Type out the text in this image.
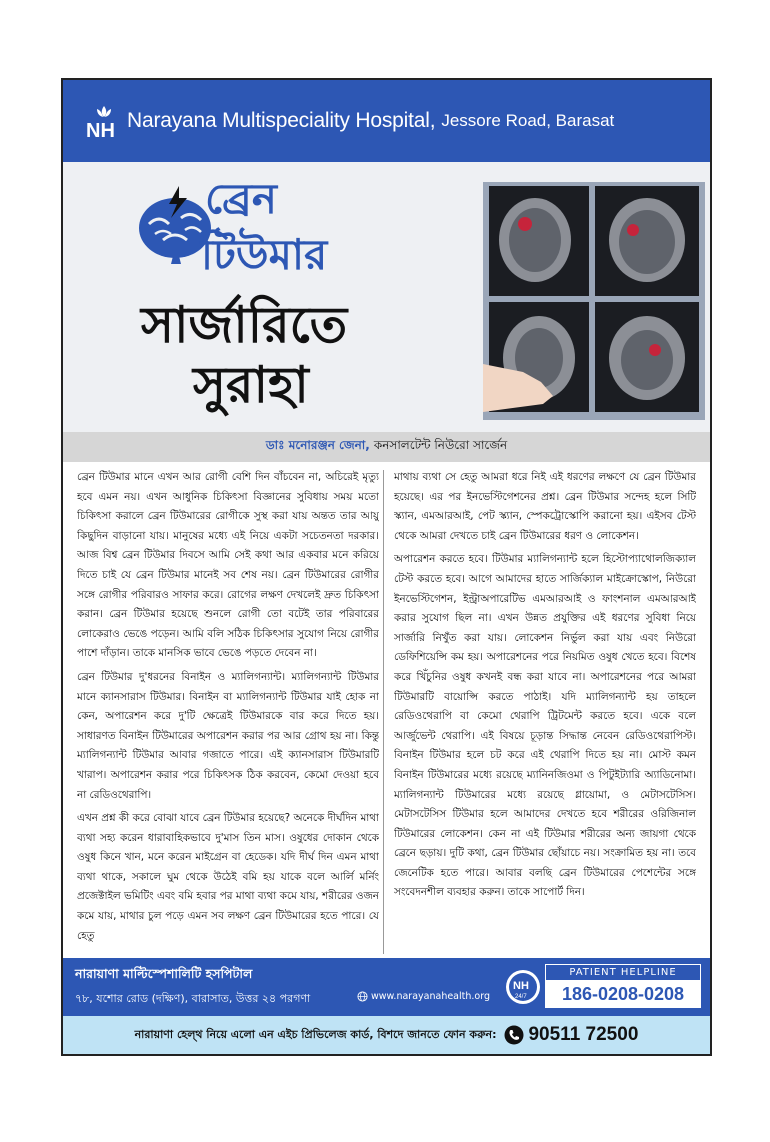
NH Narayana Multispeciality Hospital, Jessore Road, Barasat
ব্রেন
টিউমার
সার্জারিতে
সুরাহা
ডাঃ মনোরঞ্জন জেনা, কনসালটেন্ট নিউরো সার্জেন

ব্রেন টিউমার মানে এখন আর রোগী বেশি দিন বাঁচবেন না, অচিরেই মৃত্যু হবে এমন নয়। এখন আধুনিক চিকিৎসা বিজ্ঞানের সুবিধায় সময় মতো চিকিৎসা করালে ব্রেন টিউমারের রোগীকে সুস্থ করা যায় অন্তত তার আয়ু কিছুদিন বাড়ানো যায়। মানুষের মধ্যে এই নিয়ে একটা সচেতনতা দরকার। আজ বিশ্ব ব্রেন টিউমার দিবসে আমি সেই কথা আর একবার মনে করিয়ে দিতে চাই যে ব্রেন টিউমার মানেই সব শেষ নয়। ব্রেন টিউমারের রোগীর সঙ্গে রোগীর পরিবারও সাফার করে। রোগের লক্ষণ দেখলেই দ্রুত চিকিৎসা করান। ব্রেন টিউমার হয়েছে শুনলে রোগী তো বটেই তার পরিবারের লোকেরাও ভেঙে পড়েন। আমি বলি সঠিক চিকিৎসার সুযোগ নিয়ে রোগীর পাশে দাঁড়ান। তাকে মানসিক ভাবে ভেঙে পড়তে দেবেন না।

ব্রেন টিউমার দু'ধরনের বিনাইন ও ম্যালিগন্যান্ট। ম্যালিগন্যান্ট টিউমার মানে ক্যানসারাস টিউমার। বিনাইন বা ম্যালিগন্যান্ট টিউমার যাই হোক না কেন, অপারেশন করে দু'টি ক্ষেত্রেই টিউমারকে বার করে দিতে হয়। সাধারণত বিনাইন টিউমারের অপারেশন করার পর আর গ্রোথ হয় না। কিন্তু ম্যালিগন্যান্ট টিউমার আবার গজাতে পারে। এই ক্যানসারাস টিউমারটি খারাপ। অপারেশন করার পরে চিকিৎসক ঠিক করবেন, কেমো দেওয়া হবে না রেডিওথেরাপি।

এখন প্রশ্ন কী করে বোঝা যাবে ব্রেন টিউমার হয়েছে? অনেকে দীর্ঘদিন মাথা ব্যথা সহ্য করেন ধারাবাহিকভাবে দু'মাস তিন মাস। ওষুধের দোকান থেকে ওষুধ কিনে খান, মনে করেন মাইগ্রেন বা হেডেক। যদি দীর্ঘ দিন এমন মাথা ব্যথা থাকে, সকালে ঘুম থেকে উঠেই বমি হয় যাকে বলে আর্লি মর্নিং প্রজেক্টাইল ভমিটিং এবং বমি হবার পর মাথা ব্যথা কমে যায়, শরীরের ওজন কমে যায়, মাথার চুল পড়ে এমন সব লক্ষণ ব্রেন টিউমারের হতে পারে। যে হেতু

মাথায় ব্যথা সে হেতু আমরা ধরে নিই এই ধরণের লক্ষণে যে ব্রেন টিউমার হয়েছে। এর পর ইনভেস্টিগেশনের প্রশ্ন। ব্রেন টিউমার সন্দেহ হলে সিটি স্ক্যান, এমআরআই, পেট স্ক্যান, স্পেকট্রোস্কোপি করানো হয়। এইসব টেস্ট থেকে আমরা দেখতে চাই ব্রেন টিউমারের ধরণ ও লোকেশন।

অপারেশন করতে হবে। টিউমার ম্যালিগন্যান্ট হলে হিস্টোপ্যাথোলজিক্যাল টেস্ট করতে হবে। আগে আমাদের হাতে সার্জিক্যাল মাইক্রোস্কোপ, নিউরো ইনভেস্টিগেশন, ইন্ট্রাঅপারেটিভ এমআরআই ও ফাংশনাল এমআরআই করার সুযোগ ছিল না। এখন উন্নত প্রযুক্তির এই ধরণের সুবিধা নিয়ে সার্জারি নিখুঁত করা যায়। লোকেশন নির্ভুল করা যায় এবং নিউরো ডেফিশিয়েন্সি কম হয়। অপারেশনের পরে নিয়মিত ওষুধ খেতে হবে। বিশেষ করে খিঁচুনির ওষুধ কখনই বন্ধ করা যাবে না। অপারেশনের পরে আমরা টিউমারটি বায়োপ্সি করতে পাঠাই। যদি ম্যালিগন্যান্ট হয় তাহলে রেডিওথেরাপি বা কেমো থেরাপি ট্রিটমেন্ট করতে হবে। একে বলে আর্জুভেন্ট থেরাপি। এই বিষয়ে চূড়ান্ত সিদ্ধান্ত নেবেন রেডিওথেরাপিস্ট। বিনাইন টিউমার হলে চট করে এই থেরাপি দিতে হয় না। মোস্ট কমন বিনাইন টিউমারের মধ্যে রয়েছে ম্যানিনজিওমা ও পিটুইট্যারি অ্যাডিনোমা। ম্যালিগন্যান্ট টিউমারের মধ্যে রয়েছে গ্লায়োমা, ও মেটাসটেসিস। মেটাসটেসিস টিউমার হলে আমাদের দেখতে হবে শরীরের ওরিজিনাল টিউমারের লোকেশন। কেন না এই টিউমার শরীরের অন্য জায়গা থেকে ব্রেনে ছড়ায়। দুটি কথা, ব্রেন টিউমার ছোঁয়াচে নয়। সংক্রামিত হয় না। তবে জেনেটিক হতে পারে। আবার বলছি ব্রেন টিউমারের পেশেন্টের সঙ্গে সংবেদনশীল ব্যবহার করুন। তাকে সাপোর্ট দিন।

নারায়াণা মাল্টিস্পেশালিটি হসপিটাল
৭৮, যশোর রোড (দক্ষিণ), বারাসাত, উত্তর ২৪ পরগণা	www.narayanahealth.org
NH
24/7
PATIENT HELPLINE
186-0208-0208
নারায়াণা হেল্থ নিয়ে এলো এন এইচ প্রিভিলেজ কার্ড, বিশদে জানতে ফোন করুন: 90511 72500
